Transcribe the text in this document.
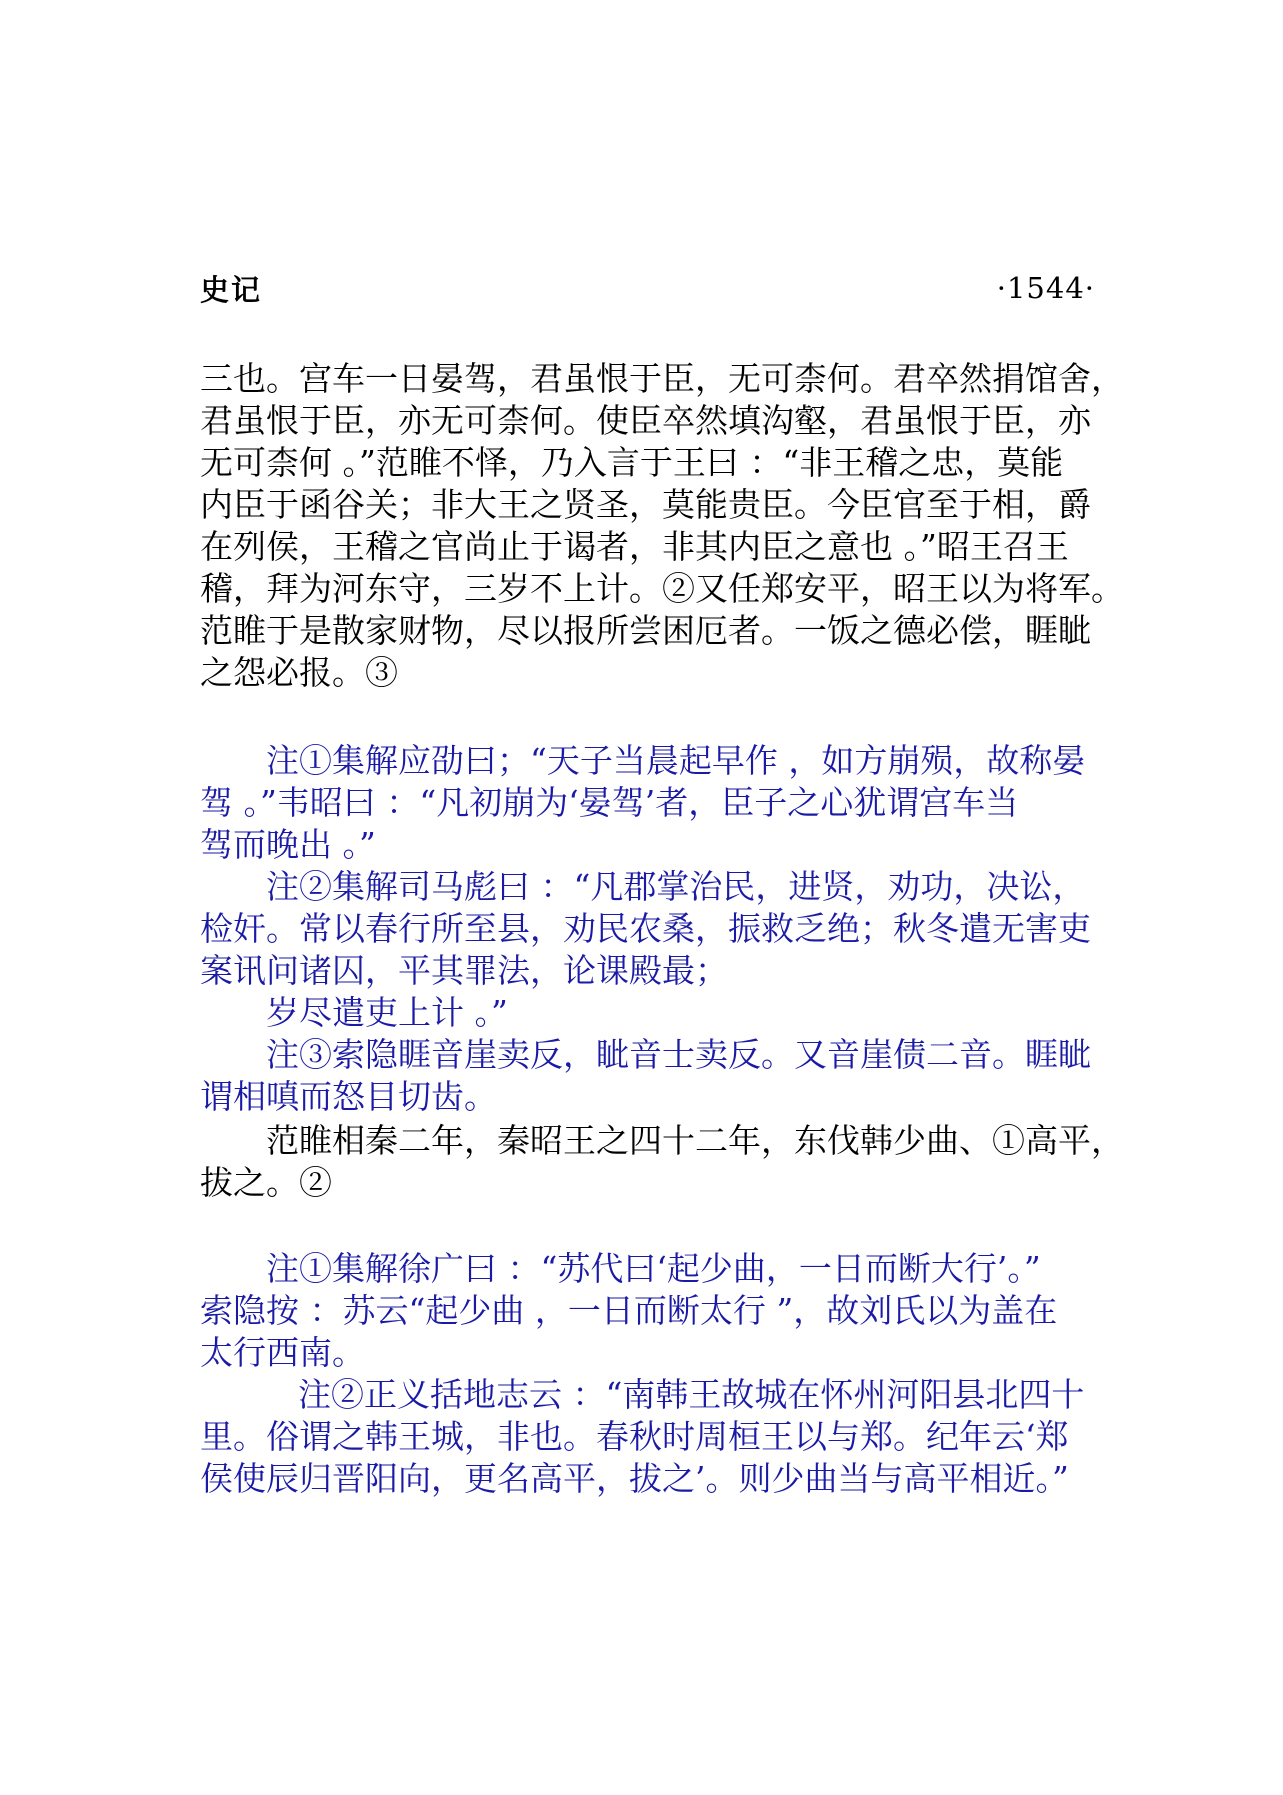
史记	·1544·
三也。宫车一日晏驾，君虽恨于臣，无可柰何。君卒然捐馆舍，
君虽恨于臣，亦无可柰何。使臣卒然填沟壑，君虽恨于臣，亦
无可柰何 。”范睢不怿，乃入言于王曰 ：“非王稽之忠，莫能
内臣于函谷关；非大王之贤圣，莫能贵臣。今臣官至于相，爵
在列侯，王稽之官尚止于谒者，非其内臣之意也 。”昭王召王
稽，拜为河东守，三岁不上计。②又任郑安平，昭王以为将军。
范睢于是散家财物，尽以报所尝困厄者。一饭之德必偿，睚眦
之怨必报。③
注①集解应劭曰；“天子当晨起早作 ，如方崩殒，故称晏
驾 。”韦昭曰 ：“凡初崩为‘晏驾’者，臣子之心犹谓宫车当
驾而晚出 。”
注②集解司马彪曰 ：“凡郡掌治民，进贤，劝功，决讼，
检奸。常以春行所至县，劝民农桑，振救乏绝；秋冬遣无害吏
案讯问诸囚，平其罪法，论课殿最；
岁尽遣吏上计 。”
注③索隐睚音崖卖反，眦音士卖反。又音崖债二音。睚眦
谓相嗔而怒目切齿。
范睢相秦二年，秦昭王之四十二年，东伐韩少曲、①高平，
拔之。②
注①集解徐广曰 ：“苏代曰‘起少曲，一日而断大行’。”
索隐按 ：苏云“起少曲 ，一日而断太行 ”，故刘氏以为盖在
太行西南。
注②正义括地志云 ：“南韩王故城在怀州河阳县北四十
里。俗谓之韩王城，非也。春秋时周桓王以与郑。纪年云‘郑
侯使辰归晋阳向，更名高平，拔之’。则少曲当与高平相近。”
